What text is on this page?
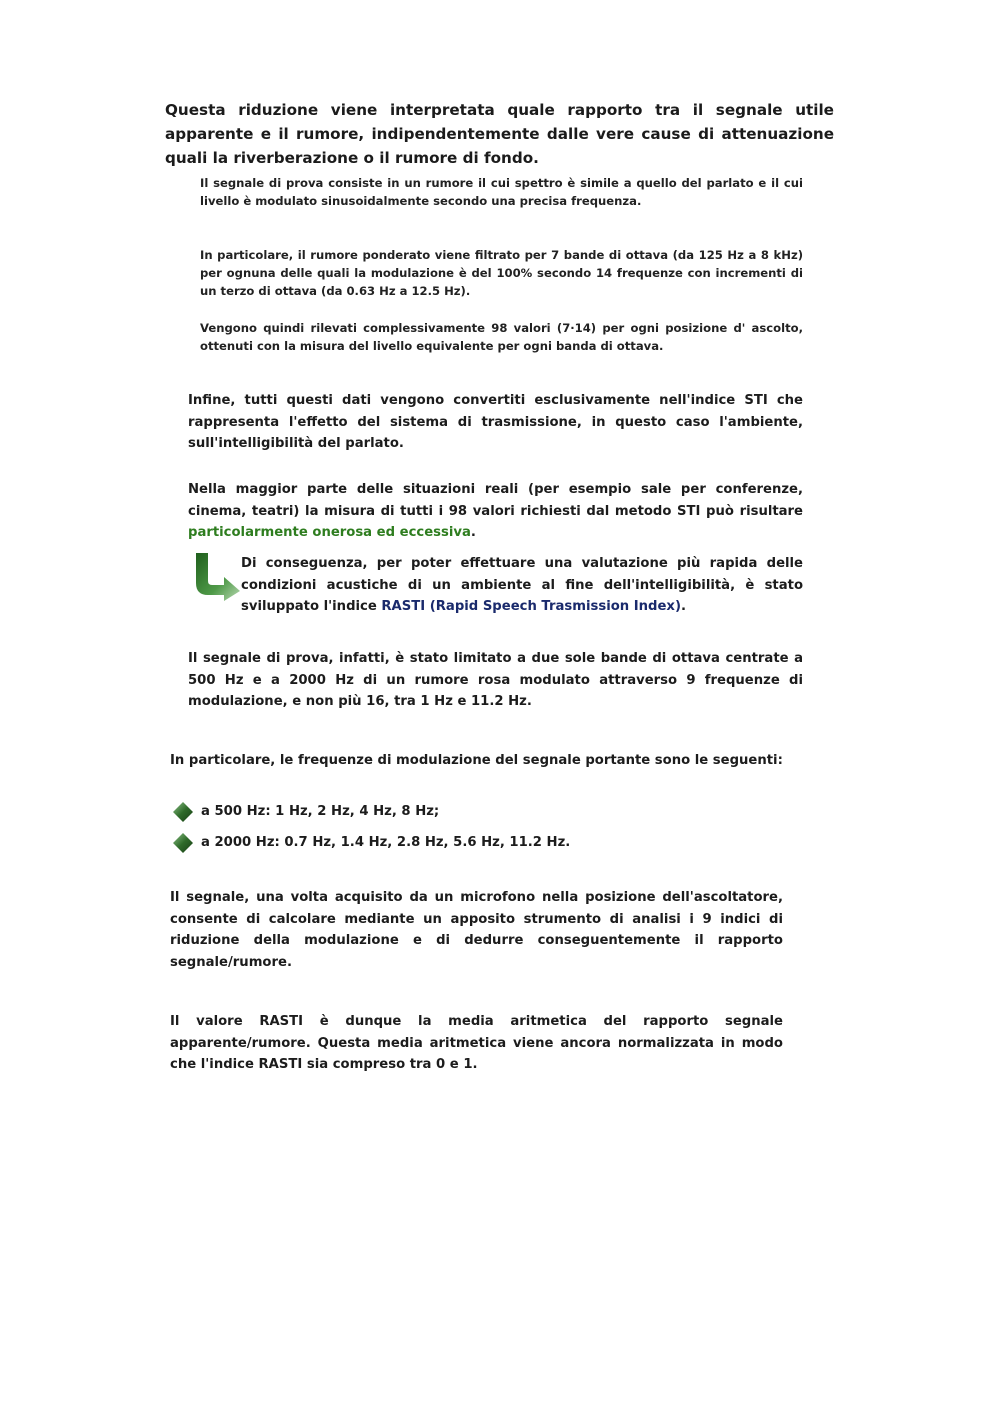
Questa riduzione viene interpretata quale rapporto tra il segnale utile apparente e il rumore, indipendentemente dalle vere cause di attenuazione quali la riverberazione o il rumore di fondo.

Il segnale di prova consiste in un rumore il cui spettro è simile a quello del parlato e il cui livello è modulato sinusoidalmente secondo una precisa frequenza.

In particolare, il rumore ponderato viene filtrato per 7 bande di ottava (da 125 Hz a 8 kHz) per ognuna delle quali la modulazione è del 100% secondo 14 frequenze con incrementi di un terzo di ottava (da 0.63 Hz a 12.5 Hz).

Vengono quindi rilevati complessivamente 98 valori (7·14) per ogni posizione d' ascolto, ottenuti con la misura del livello equivalente per ogni banda di ottava.

Infine, tutti questi dati vengono convertiti esclusivamente nell'indice STI che rappresenta l'effetto del sistema di trasmissione, in questo caso l'ambiente, sull'intelligibilità del parlato.

Nella maggior parte delle situazioni reali (per esempio sale per conferenze, cinema, teatri) la misura di tutti i 98 valori richiesti dal metodo STI può risultare particolarmente onerosa ed eccessiva.

Di conseguenza, per poter effettuare una valutazione più rapida delle condizioni acustiche di un ambiente al fine dell'intelligibilità, è stato sviluppato l'indice RASTI (Rapid Speech Trasmission Index).

Il segnale di prova, infatti, è stato limitato a due sole bande di ottava centrate a 500 Hz e a 2000 Hz di un rumore rosa modulato attraverso 9 frequenze di modulazione, e non più 16, tra 1 Hz e 11.2 Hz.

In particolare, le frequenze di modulazione del segnale portante sono le seguenti:

a 500 Hz: 1 Hz, 2 Hz, 4 Hz, 8 Hz;
a 2000 Hz: 0.7 Hz, 1.4 Hz, 2.8 Hz, 5.6 Hz, 11.2 Hz.

Il segnale, una volta acquisito da un microfono nella posizione dell'ascoltatore, consente di calcolare mediante un apposito strumento di analisi i 9 indici di riduzione della modulazione e di dedurre conseguentemente il rapporto segnale/rumore.

Il valore RASTI è dunque la media aritmetica del rapporto segnale apparente/rumore. Questa media aritmetica viene ancora normalizzata in modo che l'indice RASTI sia compreso tra 0 e 1.
